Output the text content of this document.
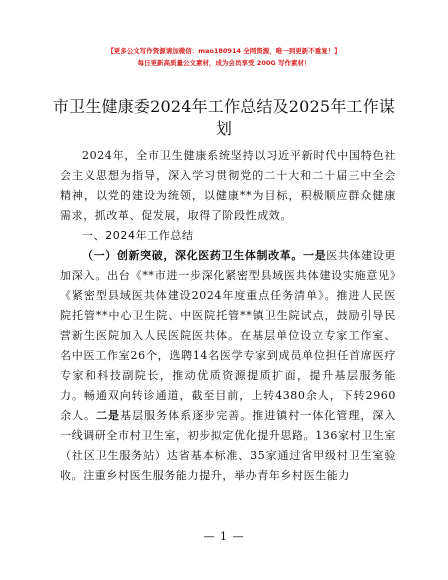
【更多公文写作资源请加微信：mao180914 全网资源，唯一到更新不重复！】
每日更新高质量公文素材，成为会员享受 200G 写作素材！
市卫生健康委2024年工作总结及2025年工作谋划

2024年，全市卫生健康系统坚持以习近平新时代中国特色社会主义思想为指导，深入学习贯彻党的二十大和二十届三中全会精神，以党的建设为统领，以健康**为目标，积极顺应群众健康需求，抓改革、促发展，取得了阶段性成效。

一、2024年工作总结

（一）创新突破，深化医药卫生体制改革。一是医共体建设更加深入。出台《**市进一步深化紧密型县域医共体建设实施意见》《紧密型县域医共体建设2024年度重点任务清单》。推进人民医院托管**中心卫生院、中医院托管**镇卫生院试点，鼓励引导民营新生医院加入人民医院医共体。在基层单位设立专家工作室、名中医工作室26个，选聘14名医学专家到成员单位担任首席医疗专家和科技副院长，推动优质资源提质扩面，提升基层服务能力。畅通双向转诊通道，截至目前，上转4380余人，下转2960余人。二是基层服务体系逐步完善。推进镇村一体化管理，深入一线调研全市村卫生室，初步拟定优化提升思路。136家村卫生室（社区卫生服务站）达省基本标准、35家通过省甲级村卫生室验收。注重乡村医生服务能力提升，举办青年乡村医生能力

— 1 —
